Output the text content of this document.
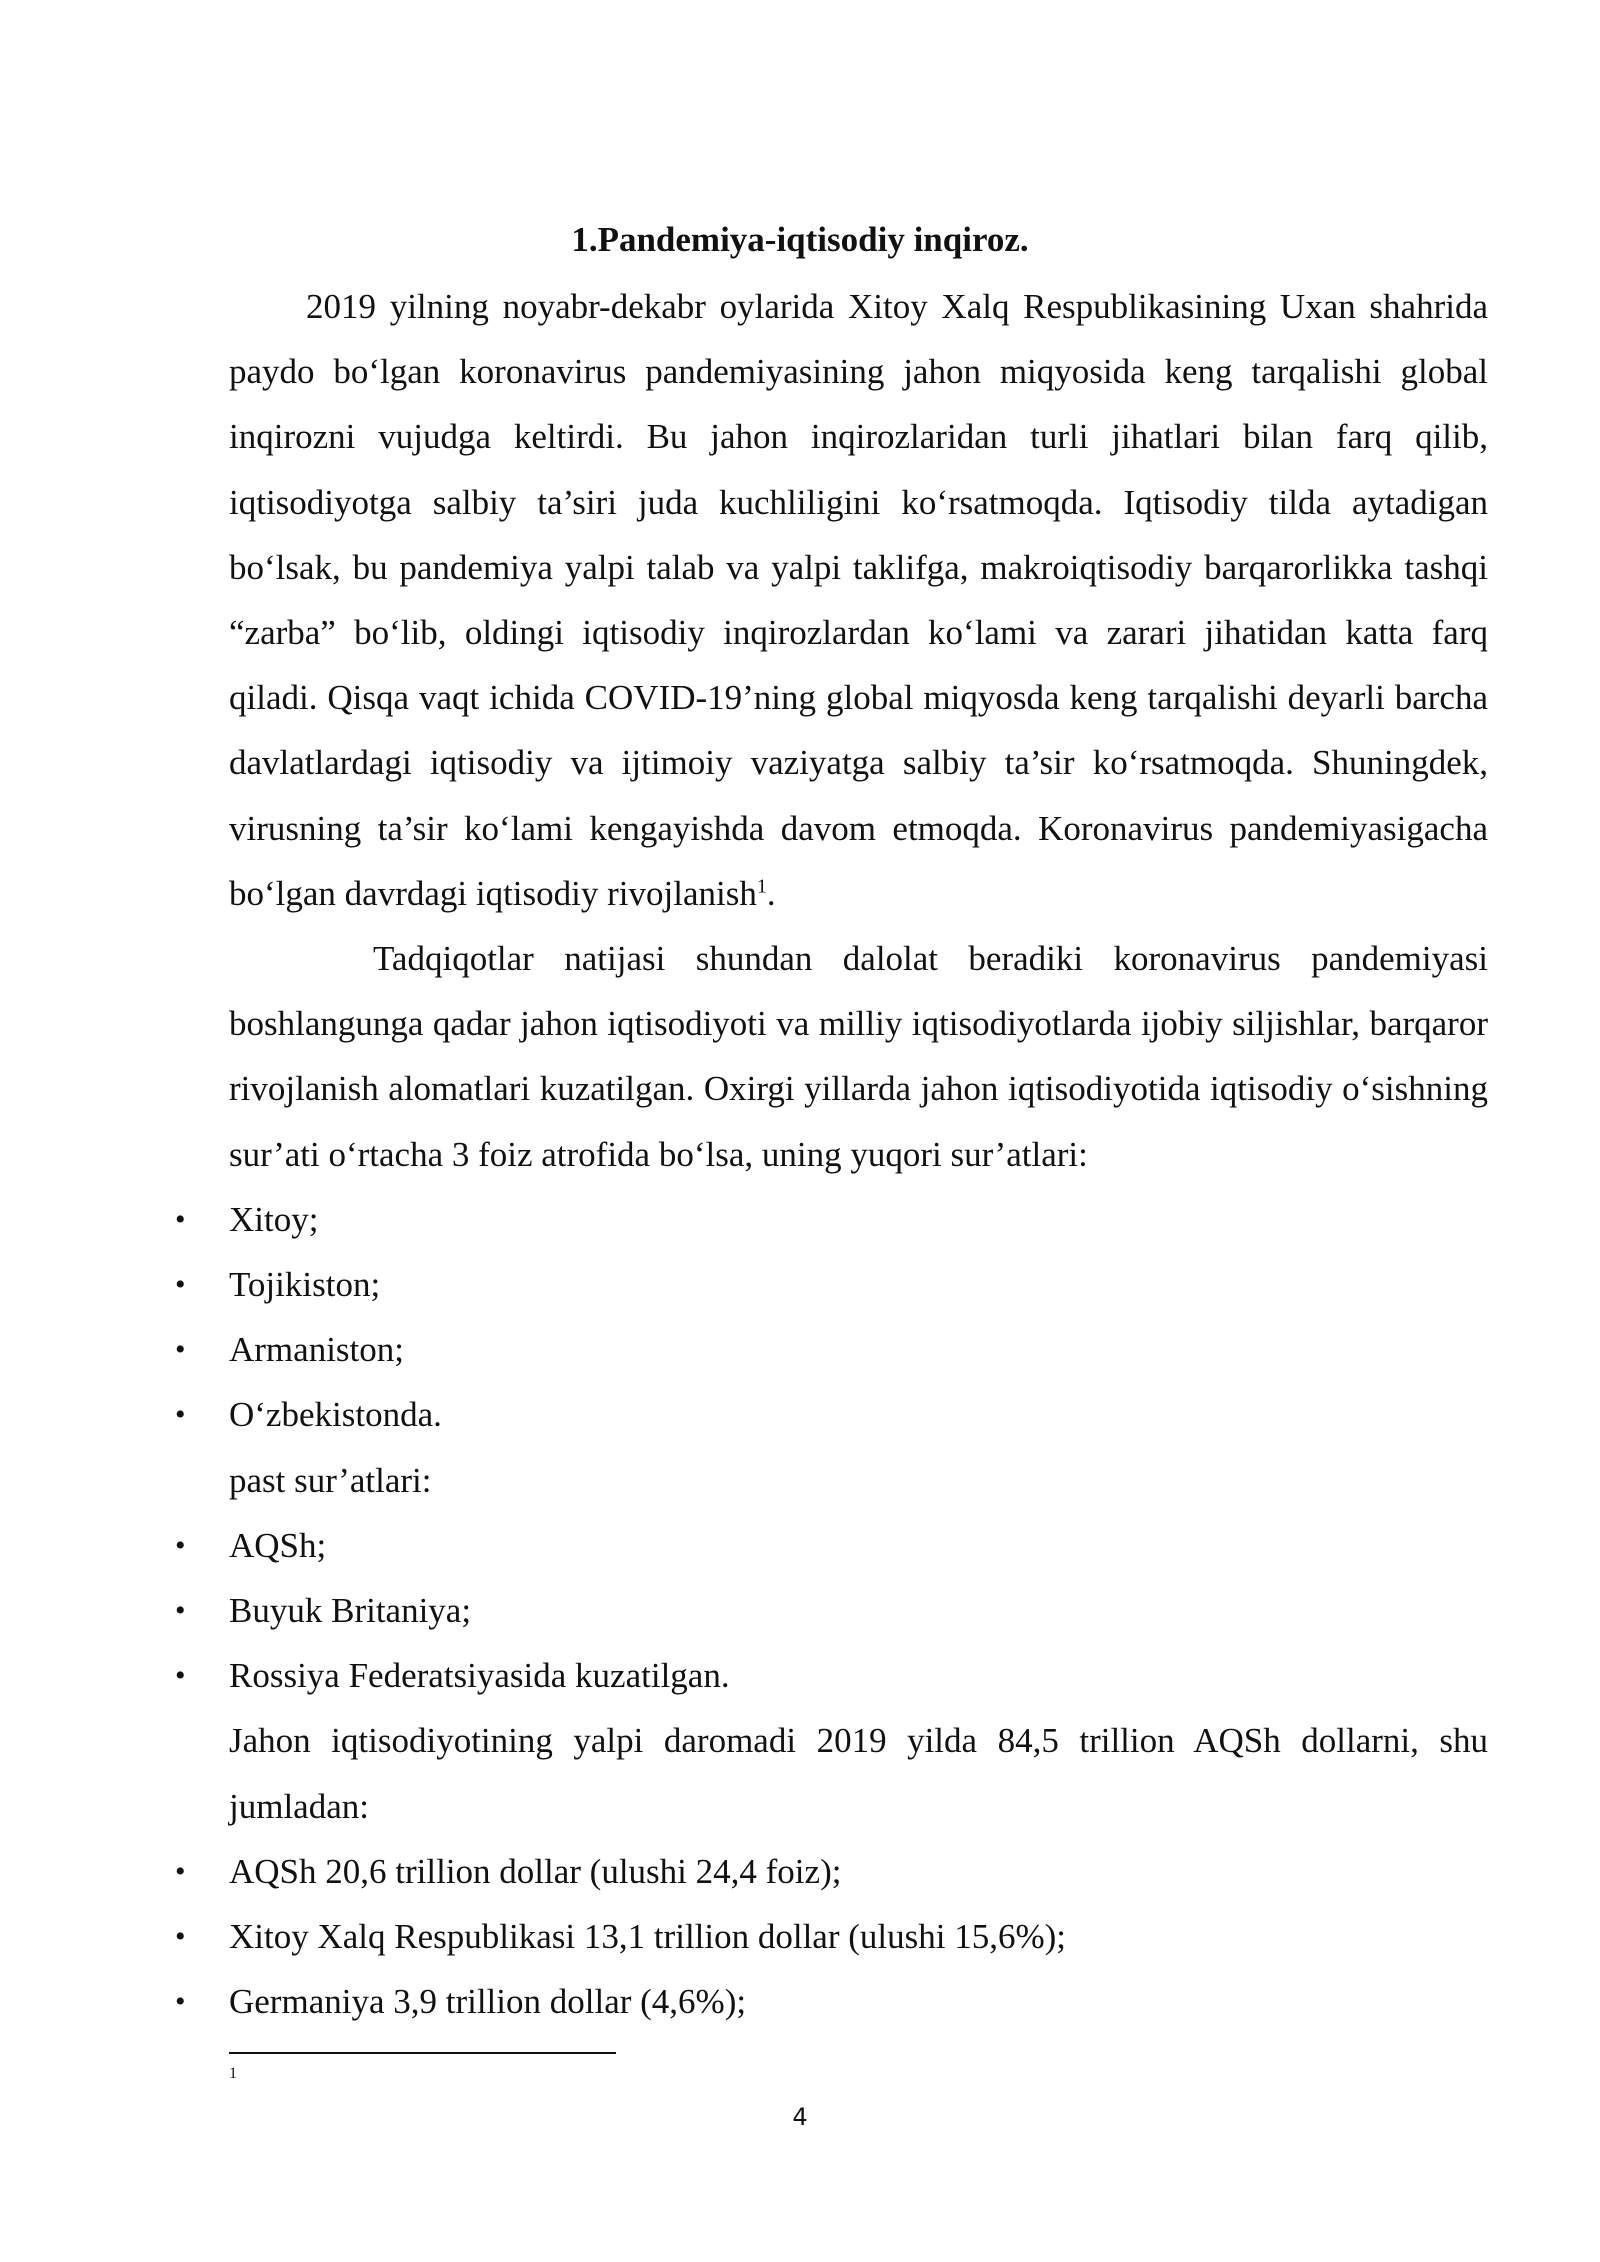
1.Pandemiya-iqtisodiy inqiroz.

2019 yilning noyabr-dekabr oylarida Xitoy Xalq Respublikasining Uxan shahrida paydo bo‘lgan koronavirus pandemiyasining jahon miqyosida keng tarqalishi global inqirozni vujudga keltirdi. Bu jahon inqirozlaridan turli jihatlari bilan farq qilib, iqtisodiyotga salbiy ta’siri juda kuchliligini ko‘rsatmoqda. Iqtisodiy tilda aytadigan bo‘lsak, bu pandemiya yalpi talab va yalpi taklifga, makroiqtisodiy barqarorlikka tashqi “zarba” bo‘lib, oldingi iqtisodiy inqirozlardan ko‘lami va zarari jihatidan katta farq qiladi. Qisqa vaqt ichida COVID-19’ning global miqyosda keng tarqalishi deyarli barcha davlatlardagi iqtisodiy va ijtimoiy vaziyatga salbiy ta’sir ko‘rsatmoqda. Shuningdek, virusning ta’sir ko‘lami kengayishda davom etmoqda. Koronavirus pandemiyasigacha bo‘lgan davrdagi iqtisodiy rivojlanish$^1$.

Tadqiqotlar natijasi shundan dalolat beradiki koronavirus pandemiyasi boshlangunga qadar jahon iqtisodiyoti va milliy iqtisodiyotlarda ijobiy siljishlar, barqaror rivojlanish alomatlari kuzatilgan. Oxirgi yillarda jahon iqtisodiyotida iqtisodiy o‘sishning sur’ati o‘rtacha 3 foiz atrofida bo‘lsa, uning yuqori sur’atlari:

• Xitoy;

• Tojikiston;

• Armaniston;

• O‘zbekistonda.

past sur’atlari:

• AQSh;

• Buyuk Britaniya;

• Rossiya Federatsiyasida kuzatilgan.

Jahon iqtisodiyotining yalpi daromadi 2019 yilda 84,5 trillion AQSh dollarni, shu jumladan:

• AQSh 20,6 trillion dollar (ulushi 24,4 foiz);

• Xitoy Xalq Respublikasi 13,1 trillion dollar (ulushi 15,6%);

• Germaniya 3,9 trillion dollar (4,6%);

1
4
